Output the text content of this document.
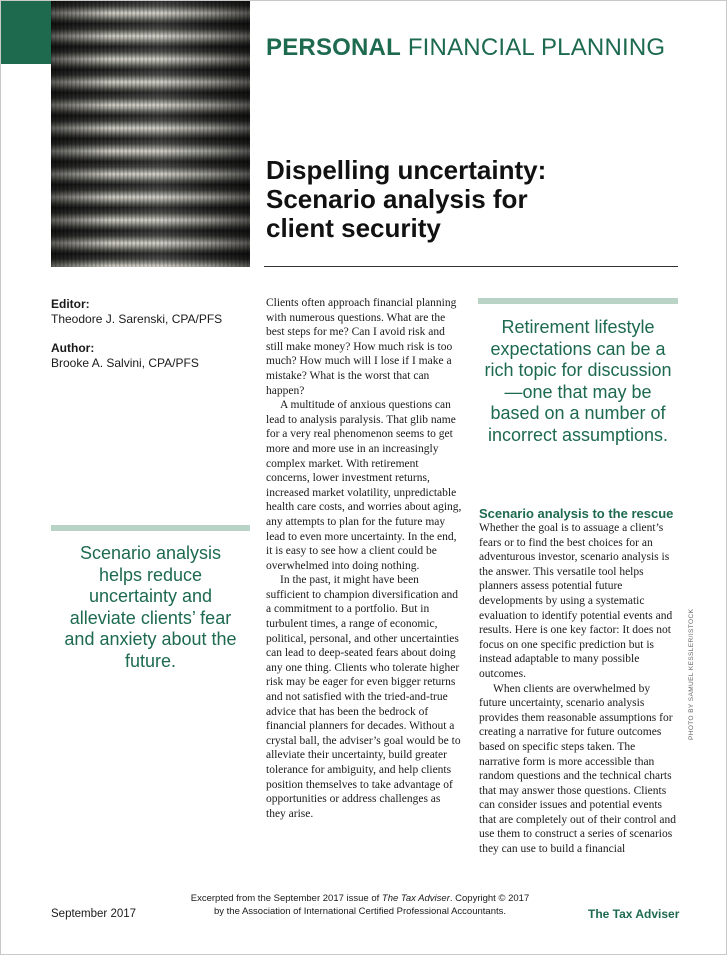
PERSONAL FINANCIAL PLANNING
Dispelling uncertainty:
Scenario analysis for
client security
Editor:
Theodore J. Sarenski, CPA/PFS
Author:
Brooke A. Salvini, CPA/PFS
Scenario analysis helps reduce uncertainty and alleviate clients’ fear and anxiety about the future.
Retirement lifestyle expectations can be a rich topic for discussion—one that may be based on a number of incorrect assumptions.

Clients often approach financial planning with numerous questions. What are the best steps for me? Can I avoid risk and still make money? How much risk is too much? How much will I lose if I make a mistake? What is the worst that can happen?

A multitude of anxious questions can lead to analysis paralysis. That glib name for a very real phenomenon seems to get more and more use in an increasingly complex market. With retirement concerns, lower investment returns, increased market volatility, unpredictable health care costs, and worries about aging, any attempts to plan for the future may lead to even more uncertainty. In the end, it is easy to see how a client could be overwhelmed into doing nothing.

In the past, it might have been sufficient to champion diversification and a commitment to a portfolio. But in turbulent times, a range of economic, political, personal, and other uncertainties can lead to deep-seated fears about doing any one thing. Clients who tolerate higher risk may be eager for even bigger returns and not satisfied with the tried-and-true advice that has been the bedrock of financial planners for decades. Without a crystal ball, the adviser’s goal would be to alleviate their uncertainty, build greater tolerance for ambiguity, and help clients position themselves to take advantage of opportunities or address challenges as they arise.

Scenario analysis to the rescue

Whether the goal is to assuage a client’s fears or to find the best choices for an adventurous investor, scenario analysis is the answer. This versatile tool helps planners assess potential future developments by using a systematic evaluation to identify potential events and results. Here is one key factor: It does not focus on one specific prediction but is instead adaptable to many possible outcomes.

When clients are overwhelmed by future uncertainty, scenario analysis provides them reasonable assumptions for creating a narrative for future outcomes based on specific steps taken. The narrative form is more accessible than random questions and the technical charts that may answer those questions. Clients can consider issues and potential events that are completely out of their control and use them to construct a series of scenarios they can use to build a financial

PHOTO BY SAMUEL KESSLER/ISTOCK
September 2017
Excerpted from the September 2017 issue of The Tax Adviser. Copyright © 2017
by the Association of International Certified Professional Accountants.	The Tax Adviser
